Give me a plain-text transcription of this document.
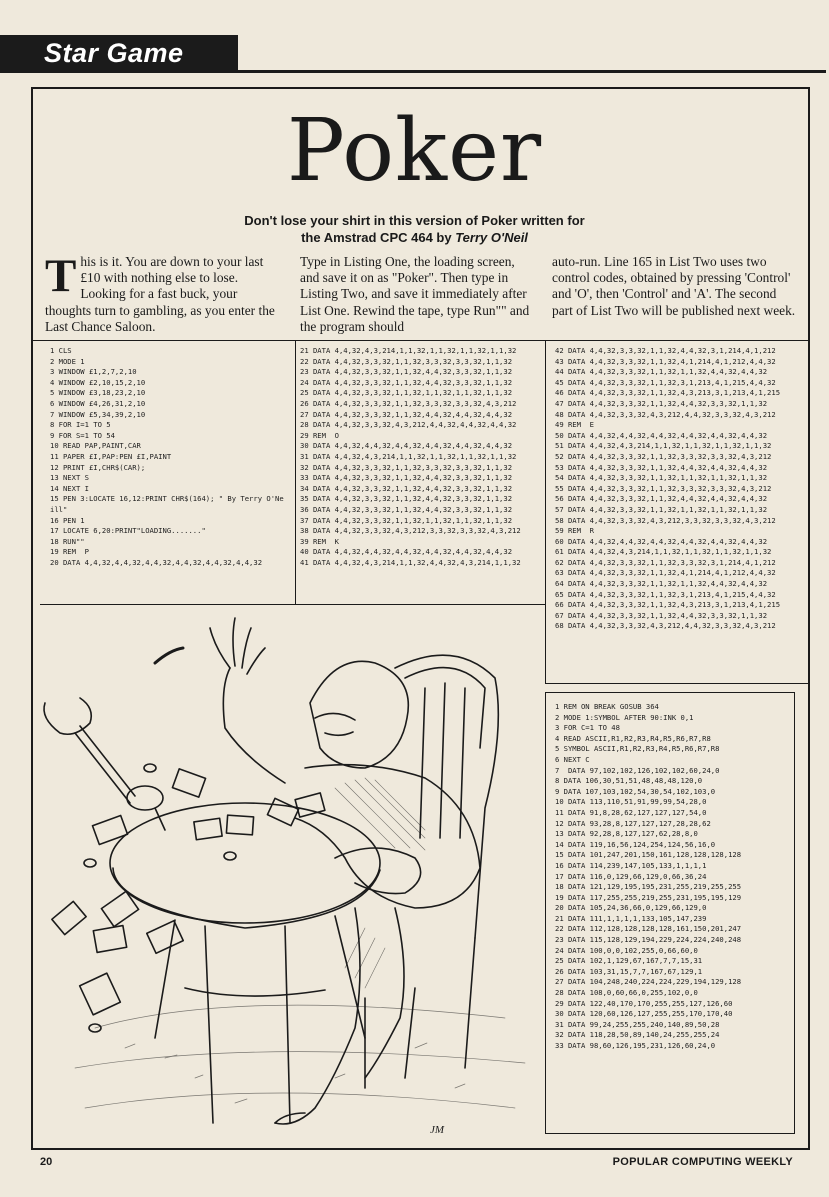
Star Game
Poker
Don't lose your shirt in this version of Poker written for
the Amstrad CPC 464 by Terry O'Neil
This is it. You are down to your last £10 with nothing else to lose. Looking for a fast buck, your thoughts turn to gambling, as you enter the Last Chance Saloon.
Type in Listing One, the loading screen, and save it on as "Poker". Then type in Listing Two, and save it immediately after List One. Rewind the tape, type Run"" and the program should
auto-run. Line 165 in List Two uses two control codes, obtained by pressing 'Control' and 'O', then 'Control' and 'A'. The second part of List Two will be published next week.
1 CLS
2 MODE 1
3 WINDOW £1,2,7,2,10
4 WINDOW £2,10,15,2,10
5 WINDOW £3,18,23,2,10
6 WINDOW £4,26,31,2,10
7 WINDOW £5,34,39,2,10
8 FOR I=1 TO 5
9 FOR S=1 TO 54
10 READ PAP,PAINT,CAR
11 PAPER £I,PAP:PEN £I,PAINT
12 PRINT £I,CHR$(CAR);
13 NEXT S
14 NEXT I
15 PEN 3:LOCATE 16,12:PRINT CHR$(164); " By Terry O'Ne
ill"
16 PEN 1
17 LOCATE 6,20:PRINT"LOADING......."
18 RUN""
19 REM  P
20 DATA 4,4,32,4,4,32,4,4,32,4,4,32,4,4,32,4,4,32
21 DATA 4,4,32,4,3,214,1,1,32,1,1,32,1,1,32,1,1,32
22 DATA 4,4,32,3,3,32,1,1,32,3,3,32,3,3,32,1,1,32
23 DATA 4,4,32,3,3,32,1,1,32,4,4,32,3,3,32,1,1,32
24 DATA 4,4,32,3,3,32,1,1,32,4,4,32,3,3,32,1,1,32
25 DATA 4,4,32,3,3,32,1,1,32,1,1,32,1,1,32,1,1,32
26 DATA 4,4,32,3,3,32,1,1,32,3,3,32,3,3,32,4,3,212
27 DATA 4,4,32,3,3,32,1,1,32,4,4,32,4,4,32,4,4,32
28 DATA 4,4,32,3,3,32,4,3,212,4,4,32,4,4,32,4,4,32
29 REM  O
30 DATA 4,4,32,4,4,32,4,4,32,4,4,32,4,4,32,4,4,32
31 DATA 4,4,32,4,3,214,1,1,32,1,1,32,1,1,32,1,1,32
32 DATA 4,4,32,3,3,32,1,1,32,3,3,32,3,3,32,1,1,32
33 DATA 4,4,32,3,3,32,1,1,32,4,4,32,3,3,32,1,1,32
34 DATA 4,4,32,3,3,32,1,1,32,4,4,32,3,3,32,1,1,32
35 DATA 4,4,32,3,3,32,1,1,32,4,4,32,3,3,32,1,1,32
36 DATA 4,4,32,3,3,32,1,1,32,4,4,32,3,3,32,1,1,32
37 DATA 4,4,32,3,3,32,1,1,32,1,1,32,1,1,32,1,1,32
38 DATA 4,4,32,3,3,32,4,3,212,3,3,32,3,3,32,4,3,212
39 REM  K
40 DATA 4,4,32,4,4,32,4,4,32,4,4,32,4,4,32,4,4,32
41 DATA 4,4,32,4,3,214,1,1,32,4,4,32,4,3,214,1,1,32
42 DATA 4,4,32,3,3,32,1,1,32,4,4,32,3,1,214,4,1,212
43 DATA 4,4,32,3,3,32,1,1,32,4,1,214,4,1,212,4,4,32
44 DATA 4,4,32,3,3,32,1,1,32,1,1,32,4,4,32,4,4,32
45 DATA 4,4,32,3,3,32,1,1,32,3,1,213,4,1,215,4,4,32
46 DATA 4,4,32,3,3,32,1,1,32,4,3,213,3,1,213,4,1,215
47 DATA 4,4,32,3,3,32,1,1,32,4,4,32,3,3,32,1,1,32
48 DATA 4,4,32,3,3,32,4,3,212,4,4,32,3,3,32,4,3,212
49 REM  E
50 DATA 4,4,32,4,4,32,4,4,32,4,4,32,4,4,32,4,4,32
51 DATA 4,4,32,4,3,214,1,1,32,1,1,32,1,1,32,1,1,32
52 DATA 4,4,32,3,3,32,1,1,32,3,3,32,3,3,32,4,3,212
53 DATA 4,4,32,3,3,32,1,1,32,4,4,32,4,4,32,4,4,32
54 DATA 4,4,32,3,3,32,1,1,32,1,1,32,1,1,32,1,1,32
55 DATA 4,4,32,3,3,32,1,1,32,3,3,32,3,3,32,4,3,212
56 DATA 4,4,32,3,3,32,1,1,32,4,4,32,4,4,32,4,4,32
57 DATA 4,4,32,3,3,32,1,1,32,1,1,32,1,1,32,1,1,32
58 DATA 4,4,32,3,3,32,4,3,212,3,3,32,3,3,32,4,3,212
59 REM  R
60 DATA 4,4,32,4,4,32,4,4,32,4,4,32,4,4,32,4,4,32
61 DATA 4,4,32,4,3,214,1,1,32,1,1,32,1,1,32,1,1,32
62 DATA 4,4,32,3,3,32,1,1,32,3,3,32,3,1,214,4,1,212
63 DATA 4,4,32,3,3,32,1,1,32,4,1,214,4,1,212,4,4,32
64 DATA 4,4,32,3,3,32,1,1,32,1,1,32,4,4,32,4,4,32
65 DATA 4,4,32,3,3,32,1,1,32,3,1,213,4,1,215,4,4,32
66 DATA 4,4,32,3,3,32,1,1,32,4,3,213,3,1,213,4,1,215
67 DATA 4,4,32,3,3,32,1,1,32,4,4,32,3,3,32,1,1,32
68 DATA 4,4,32,3,3,32,4,3,212,4,4,32,3,3,32,4,3,212
1 REM ON BREAK GOSUB 364
2 MODE 1:SYMBOL AFTER 90:INK 0,1
3 FOR C=1 TO 48
4 READ ASCII,R1,R2,R3,R4,R5,R6,R7,R8
5 SYMBOL ASCII,R1,R2,R3,R4,R5,R6,R7,R8
6 NEXT C
7  DATA 97,102,102,126,102,102,60,24,0
8 DATA 106,30,51,51,48,48,48,120,0
9 DATA 107,103,102,54,30,54,102,103,0
10 DATA 113,110,51,91,99,99,54,28,0
11 DATA 91,8,28,62,127,127,127,54,0
12 DATA 93,28,8,127,127,127,28,28,62
13 DATA 92,28,8,127,127,62,28,8,0
14 DATA 119,16,56,124,254,124,56,16,0
15 DATA 101,247,201,150,161,128,128,128,128
16 DATA 114,239,147,105,133,1,1,1,1
17 DATA 116,0,129,66,129,0,66,36,24
18 DATA 121,129,195,195,231,255,219,255,255
19 DATA 117,255,255,219,255,231,195,195,129
20 DATA 105,24,36,66,0,129,66,129,0
21 DATA 111,1,1,1,1,133,105,147,239
22 DATA 112,128,128,128,128,161,150,201,247
23 DATA 115,128,129,194,229,224,224,240,248
24 DATA 100,0,0,102,255,0,66,60,0
25 DATA 102,1,129,67,167,7,7,15,31
26 DATA 103,31,15,7,7,167,67,129,1
27 DATA 104,248,240,224,224,229,194,129,128
28 DATA 108,0,60,66,0,255,102,0,0
29 DATA 122,40,170,170,255,255,127,126,60
30 DATA 120,60,126,127,255,255,170,170,40
31 DATA 99,24,255,255,240,140,89,50,28
32 DATA 118,28,50,89,140,24,255,255,24
33 DATA 98,60,126,195,231,126,60,24,0
JM
20	POPULAR COMPUTING WEEKLY
